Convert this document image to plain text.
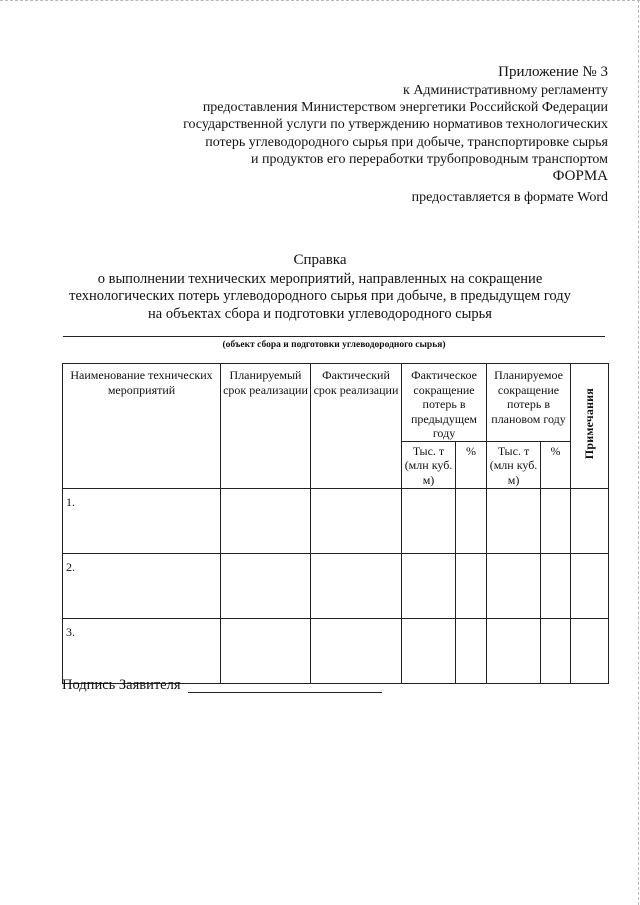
Приложение № 3
к Административному регламенту
предоставления Министерством энергетики Российской Федерации
государственной услуги по утверждению нормативов технологических
потерь углеводородного сырья при добыче, транспортировке сырья
и продуктов его переработки трубопроводным транспортом
ФОРМА
предоставляется в формате Word
Справка
о выполнении технических мероприятий, направленных на сокращение
технологических потерь углеводородного сырья при добыче, в предыдущем году
на объектах сбора и подготовки углеводородного сырья
(объект сбора и подготовки углеводородного сырья)
Наименование технических мероприятий	Планируемый срок реализации	Фактический срок реализации	Фактическое сокращение потерь в предыдущем году		Планируемое сокращение потерь в плановом году		Примечания
			Тыс. т (млн куб. м)	%	Тыс. т (млн куб. м)	%	
1.							
2.							
3.							
Подпись Заявителя
